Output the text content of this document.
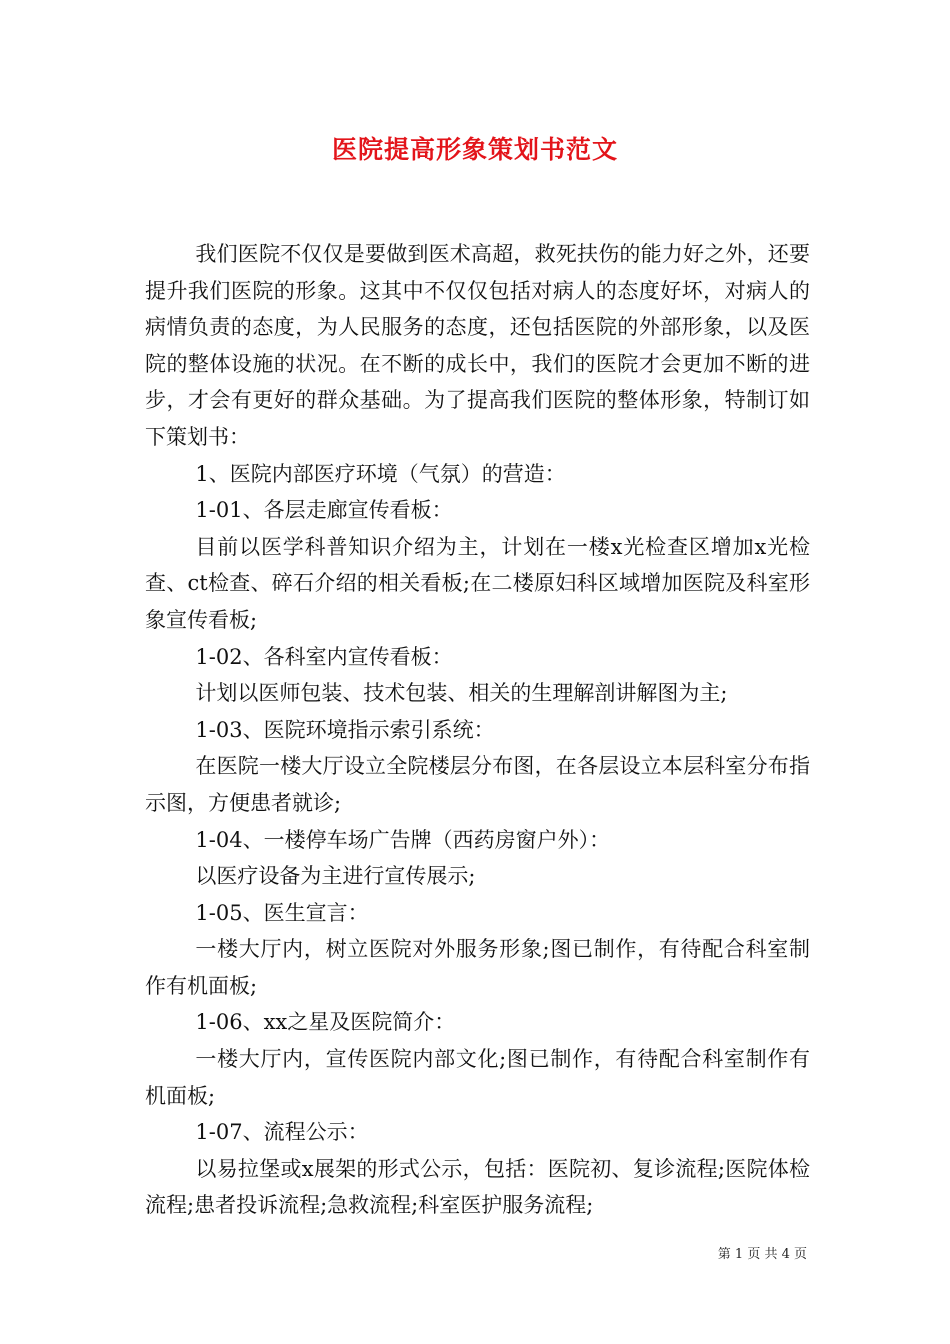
医院提高形象策划书范文

我们医院不仅仅是要做到医术高超，救死扶伤的能力好之外，还要提升我们医院的形象。这其中不仅仅包括对病人的态度好坏，对病人的病情负责的态度，为人民服务的态度，还包括医院的外部形象，以及医院的整体设施的状况。在不断的成长中，我们的医院才会更加不断的进步，才会有更好的群众基础。为了提高我们医院的整体形象，特制订如下策划书：

1、医院内部医疗环境（气氛）的营造：

1-01、各层走廊宣传看板：

目前以医学科普知识介绍为主，计划在一楼x光检查区增加x光检查、ct检查、碎石介绍的相关看板;在二楼原妇科区域增加医院及科室形象宣传看板;

1-02、各科室内宣传看板：

计划以医师包装、技术包装、相关的生理解剖讲解图为主;

1-03、医院环境指示索引系统：

在医院一楼大厅设立全院楼层分布图，在各层设立本层科室分布指示图，方便患者就诊;

1-04、一楼停车场广告牌（西药房窗户外）：

以医疗设备为主进行宣传展示;

1-05、医生宣言：

一楼大厅内，树立医院对外服务形象;图已制作，有待配合科室制作有机面板;

1-06、xx之星及医院简介：

一楼大厅内，宣传医院内部文化;图已制作，有待配合科室制作有机面板;

1-07、流程公示：

以易拉堡或x展架的形式公示，包括：医院初、复诊流程;医院体检流程;患者投诉流程;急救流程;科室医护服务流程;

第 1 页 共 4 页
